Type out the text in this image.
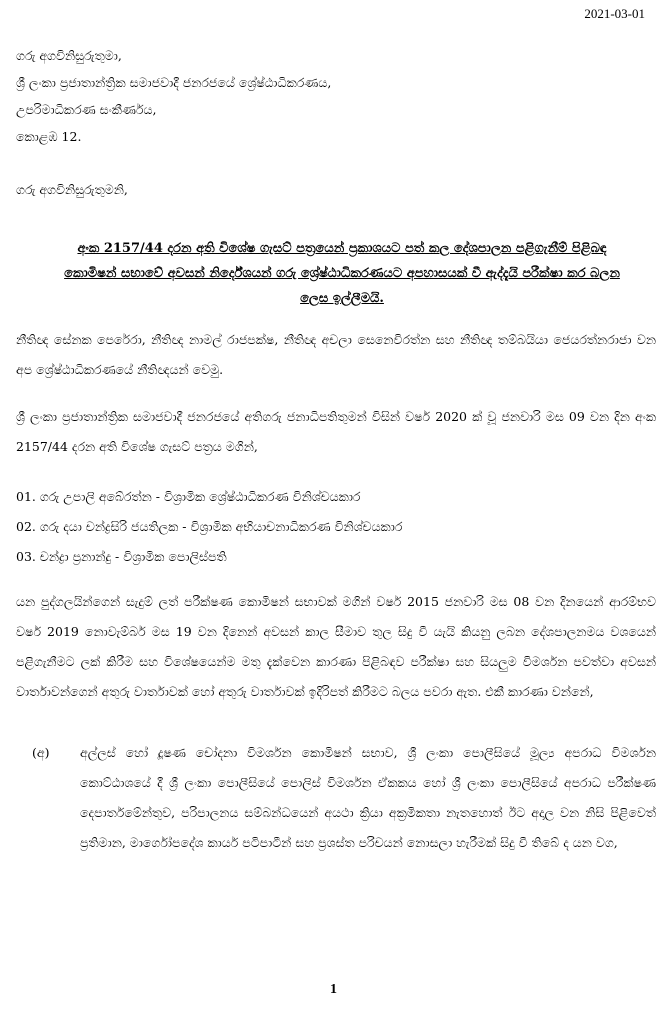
2021-03-01
ගරු අගවිනිසුරුතුමා,
ශ්‍රී ලංකා ප්‍රජාතාන්ත්‍රික සමාජවාදී ජනරජයේ ශ්‍රේෂ්ඨාධිකරණය,
උපරිමාධිකරණ සංකීර්ණය,
කොළඹ 12.
ගරු අගවිනිසුරුතුමනි,
අංක 2157/44 දරන අති විශේෂ ගැසට් පත්‍රයෙන් ප්‍රකාශයට පත් කල දේශපාලන පළිගැනීම් පිළිබඳ කොමිෂන් සභාවේ අවසන් නිර්දේශයන් ගරු ශ්‍රේෂ්ඨාධිකරණයට අපහාසයක් වී ඇද්දැයි පරීක්ෂා කර බලන ලෙස ඉල්ලීමයි.
නීතිඥ සේනක පෙරේරා, නීතිඥ නාමල් රාජපක්ෂ, නීතිඥ අචලා සෙනෙවිරත්න සහ නීතිඥ තම්බයියා ජෙයරත්නරාජා වන අප ශ්‍රේෂ්ඨාධිකරණයේ නීතිඥයන් වෙමු.
ශ්‍රී ලංකා ප්‍රජාතාන්ත්‍රික සමාජවාදී ජනරජයේ අතිගරු ජනාධිපතිතුමන් විසින් වර්ෂ 2020 ක් වූ ජනවාරි මස 09 වන දින අංක 2157/44 දරන අති විශේෂ ගැසට් පත්‍රය මගින්,
01. ගරු උපාලි අබේරත්න - විශ්‍රාමික ශ්‍රේෂ්ඨාධිකරණ විනිශ්චයකාර
02. ගරු දයා චන්ද්‍රසිරි ජයතිලක - විශ්‍රාමික අභියාචනාධිකරණ විනිශ්චයකාර
03. චන්ද්‍රා ප්‍රනාන්දු - විශ්‍රාමික පොලිස්පති
යන පුද්ගලයින්ගෙන් සැදුම් ලත් පරීක්ෂණ කොමිෂන් සභාවක් මගින් වර්ෂ 2015 ජනවාරි මස 08 වන දිනයෙන් ආරම්භව වර්ෂ 2019 නොවැම්බර් මස 19 වන දිනෙන් අවසන් කාල සීමාව තුල සිදු වී යැයි කියනු ලබන දේශපාලනමය වශයෙන් පළිගැනීමට ලක් කිරීම සහ විශේෂයෙන්ම මතු දැක්වෙන කාරණා පිළිබඳව පරීක්ෂා සහ සියලුම විමර්ශන පවත්වා අවසන් වාර්තාවන්ගෙන් අතුරු වාර්තාවක් හෝ අතුරු වාර්තාවක් ඉදිරිපත් කිරීමට බලය පවරා ඇත. එකී කාරණා වන්නේ,
(අ) අල්ලස් හෝ දූෂණ චෝදනා විමර්ශන කොමිෂන් සභාව, ශ්‍රී ලංකා පොලීසියේ මූල්‍ය අපරාධ විමර්ශන කොට්ඨාශයේ දී ශ්‍රී ලංකා පොලීසියේ පොලිස් විමර්ශන ඒකකය හෝ ශ්‍රී ලංකා පොලීසියේ අපරාධ පරීක්ෂණ දෙපාර්තමේන්තුව, පරිපාලනය සම්බන්ධයෙන් අයථා ක්‍රියා අක්‍රමිකතා නැතහොත් ඊට අදාල වන නිසි පිළිවෙත් ප්‍රතිමාන, මාර්ගෝපදේශ කාර්ය පටිපාටීන් සහ ප්‍රශස්ත පරිචයන් නොසලා හැරීමක් සිදු වී තිබේ ද යන වග,
1
